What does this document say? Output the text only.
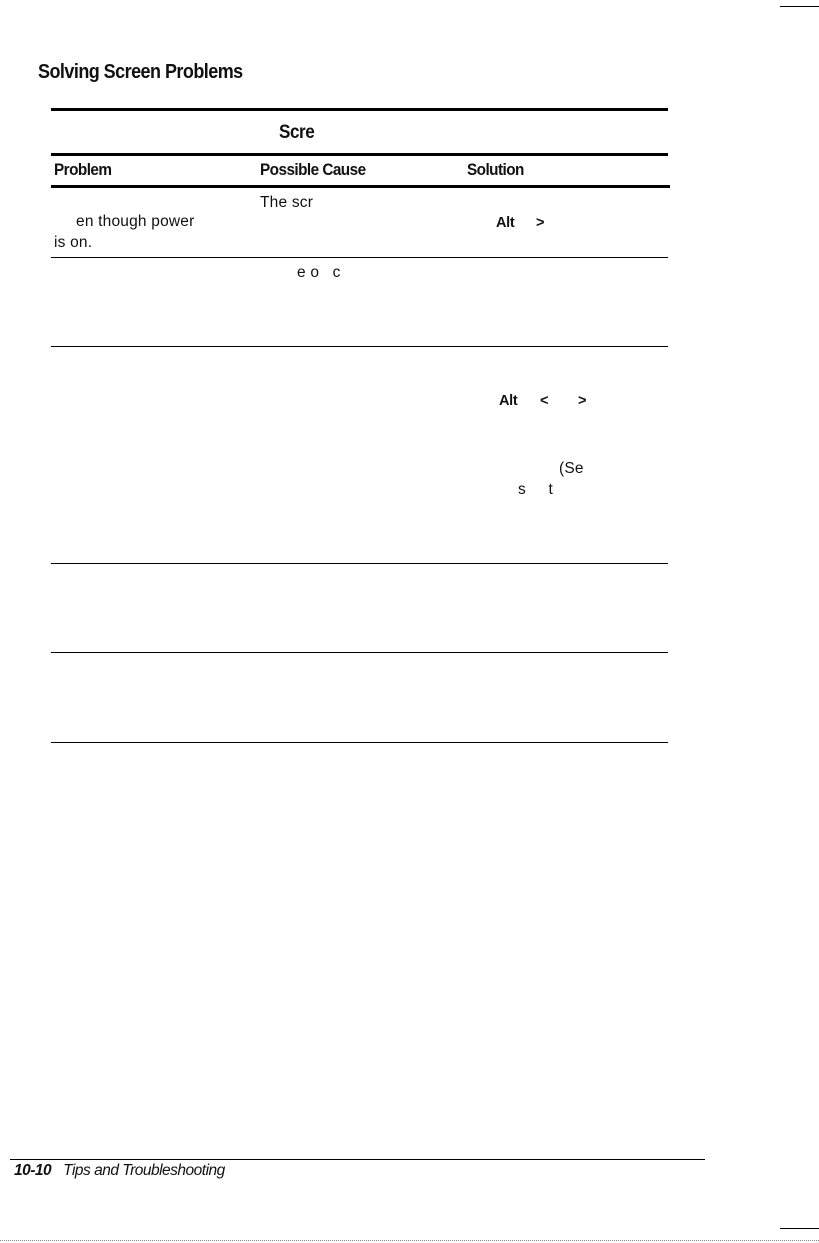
Solving Screen Problems
Scre
Problem	Possible Cause	Solution
en though power
is on.
The scr
Alt >
e o   c
Alt < >
(Se
s     t
10-10 Tips and Troubleshooting
